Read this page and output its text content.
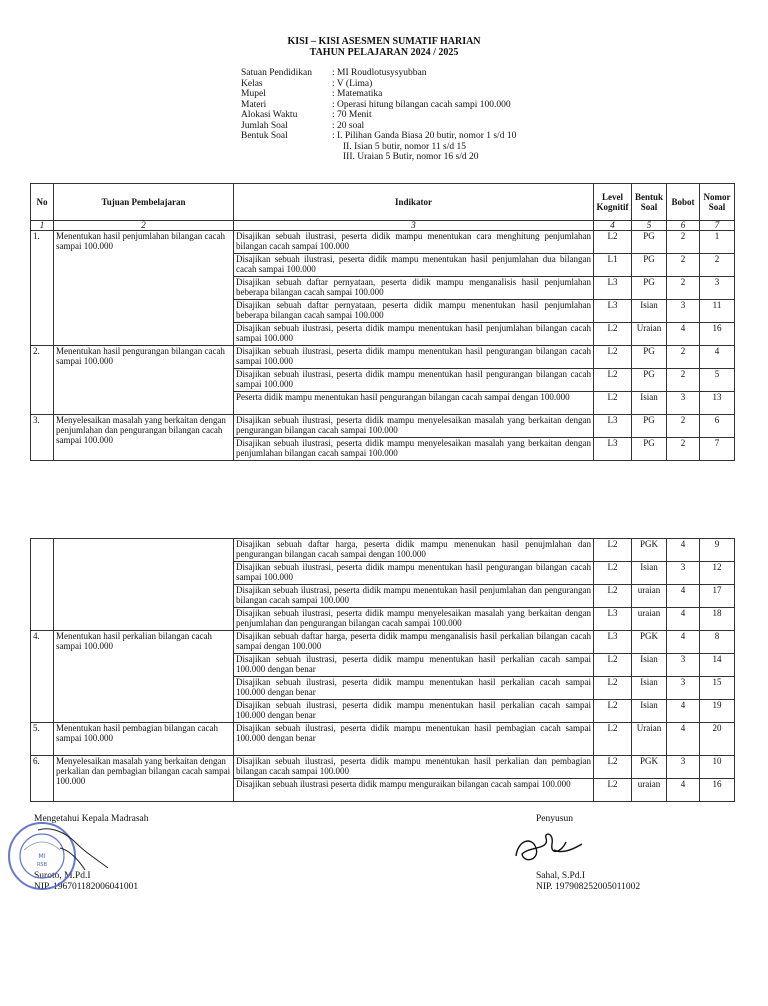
KISI – KISI ASESMEN SUMATIF HARIAN
TAHUN PELAJARAN 2024 / 2025
Satuan Pendidikan	: MI Roudlotusysyubban
Kelas	: V (Lima)
Mupel	: Matematika
Materi	: Operasi hitung bilangan cacah sampi 100.000
Alokasi Waktu	: 70 Menit
Jumlah Soal	: 20 soal
Bentuk Soal	: I. Pilihan Ganda Biasa 20 butir, nomor 1 s/d 10
II. Isian 5 butir, nomor 11 s/d 15
III. Uraian 5 Butir, nomor 16 s/d 20
No	Tujuan Pembelajaran	Indikator	Level Kognitif	Bentuk Soal	Bobot	Nomor Soal
1	2	3	4	5	6	7
1.	Menentukan hasil penjumlahan bilangan cacah sampai 100.000	Disajikan sebuah ilustrasi, peserta didik mampu menentukan cara menghitung penjumlahan bilangan cacah sampai 100.000	L2	PG	2	1
		Disajikan sebuah ilustrasi, peserta didik mampu menentukan hasil penjumlahan dua bilangan cacah sampai 100.000	L1	PG	2	2
		Disajikan sebuah daftar pernyataan, peserta didik mampu menganalisis hasil penjumlahan beberapa bilangan cacah sampai 100.000	L3	PG	2	3
		Disajikan sebuah daftar pernyataan, peserta didik mampu menentukan hasil penjumlahan beberapa bilangan cacah sampai 100.000	L3	Isian	3	11
		Disajikan sebuah ilustrasi, peserta didik mampu menentukan hasil penjumlahan bilangan cacah sampai 100.000	L2	Uraian	4	16
2.	Menentukan hasil pengurangan bilangan cacah sampai 100.000	Disajikan sebuah ilustrasi, peserta didik mampu menentukan hasil pengurangan bilangan cacah sampai 100.000	L2	PG	2	4
		Disajikan sebuah ilustrasi, peserta didik mampu menentukan hasil pengurangan bilangan cacah sampai 100.000	L2	PG	2	5
		Peserta didik mampu menentukan hasil pengurangan bilangan cacah sampai dengan 100.000	L2	Isian	3	13
3.	Menyelesaikan masalah yang berkaitan dengan penjumlahan dan pengurangan bilangan cacah sampai 100.000	Disajikan sebuah ilustrasi, peserta didik mampu menyelesaikan masalah yang berkaitan dengan pengurangan bilangan cacah sampai 100.000	L3	PG	2	6
		Disajikan sebuah ilustrasi, peserta didik mampu menyelesaikan masalah yang berkaitan dengan penjumlahan bilangan cacah sampai 100.000	L3	PG	2	7
		Disajikan sebuah daftar harga, peserta didik mampu menenukan hasil penujmlahan dan pengurangan bilangan cacah sampai dengan 100.000	L2	PGK	4	9
		Disajikan sebuah ilustrasi, peserta didik mampu menentukan hasil pengurangan bilangan cacah sampai 100.000	L2	Isian	3	12
		Disajikan sebuah ilustrasi, peserta didik mampu menentukan hasil penjumlahan dan pengurangan bilangan cacah sampai 100.000	L2	uraian	4	17
		Disajikan sebuah ilustrasi, peserta didik mampu menyelesaikan masalah yang berkaitan dengan penjumlahan dan pengurangan bilangan cacah sampai 100.000	L3	uraian	4	18
4.	Menentukan hasil perkalian bilangan cacah sampai 100.000	Disajikan sebuah daftar harga, peserta didik mampu menganalisis hasil perkalian bilangan cacah sampai dengan 100.000	L3	PGK	4	8
		Disajikan sebuah ilustrasi, peserta didik mampu menentukan hasil perkalian cacah sampai 100.000 dengan benar	L2	Isian	3	14
		Disajikan sebuah ilustrasi, peserta didik mampu menentukan hasil perkalian cacah sampai 100.000 dengan benar	L2	Isian	3	15
		Disajikan sebuah ilustrasi, peserta didik mampu menentukan hasil perkalian cacah sampai 100.000 dengan benar	L2	Isian	4	19
5.	Menentukan hasil pembagian bilangan cacah sampai 100.000	Disajikan sebuah ilustrasi, peserta didik mampu menentukan hasil pembagian cacah sampai 100.000 dengan benar	L2	Uraian	4	20
6.	Menyelesaikan masalah yang berkaitan dengan perkalian dan pembagian bilangan cacah sampai 100.000	Disajikan sebuah ilustrasi, peserta didik mampu menentukan hasil perkalian dan pembagian bilangan cacah sampai 100.000	L2	PGK	3	10
		Disajikan sebuah ilustrasi peserta didik mampu menguraikan bilangan cacah sampai 100.000	L2	uraian	4	16
Mengetahui Kepala Madrasah
Suroto, M.Pd.I
NIP. 196701182006041001
Penyusun
Sahal, S.Pd.I
NIP. 197908252005011002
MI
RSB
